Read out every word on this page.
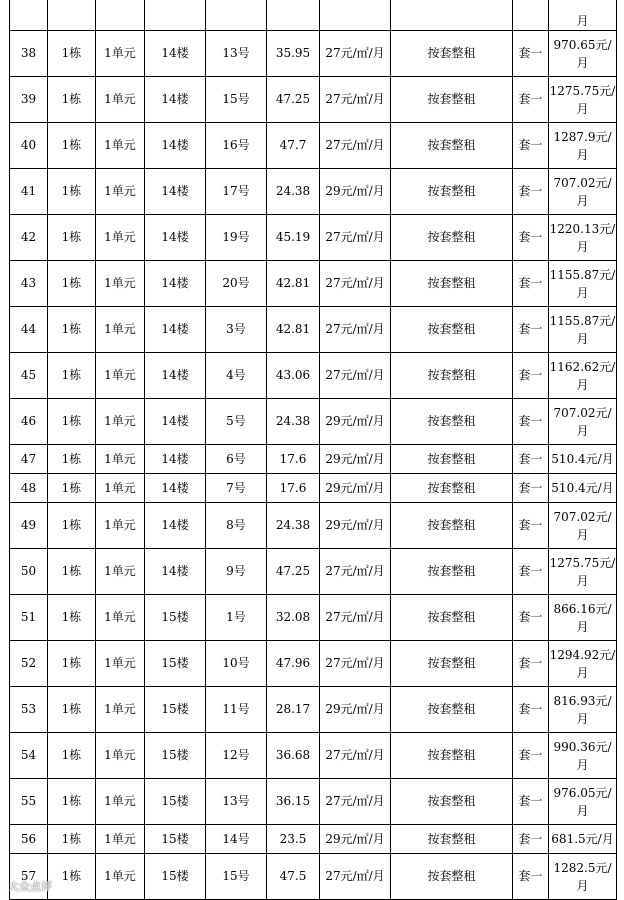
									月
38	1栋	1单元	14楼	13号	35.95	27元/㎡/月	按套整租	套一	970.65元/
月

39	1栋	1单元	14楼	15号	47.25	27元/㎡/月	按套整租	套一	1275.75元/
月

40	1栋	1单元	14楼	16号	47.7	27元/㎡/月	按套整租	套一	1287.9元/
月

41	1栋	1单元	14楼	17号	24.38	29元/㎡/月	按套整租	套一	707.02元/
月

42	1栋	1单元	14楼	19号	45.19	27元/㎡/月	按套整租	套一	1220.13元/
月

43	1栋	1单元	14楼	20号	42.81	27元/㎡/月	按套整租	套一	1155.87元/
月

44	1栋	1单元	14楼	3号	42.81	27元/㎡/月	按套整租	套一	1155.87元/
月

45	1栋	1单元	14楼	4号	43.06	27元/㎡/月	按套整租	套一	1162.62元/
月

46	1栋	1单元	14楼	5号	24.38	29元/㎡/月	按套整租	套一	707.02元/
月

47	1栋	1单元	14楼	6号	17.6	29元/㎡/月	按套整租	套一	510.4元/月

48	1栋	1单元	14楼	7号	17.6	29元/㎡/月	按套整租	套一	510.4元/月

49	1栋	1单元	14楼	8号	24.38	29元/㎡/月	按套整租	套一	707.02元/
月

50	1栋	1单元	14楼	9号	47.25	27元/㎡/月	按套整租	套一	1275.75元/
月

51	1栋	1单元	15楼	1号	32.08	27元/㎡/月	按套整租	套一	866.16元/
月

52	1栋	1单元	15楼	10号	47.96	27元/㎡/月	按套整租	套一	1294.92元/
月

53	1栋	1单元	15楼	11号	28.17	29元/㎡/月	按套整租	套一	816.93元/
月

54	1栋	1单元	15楼	12号	36.68	27元/㎡/月	按套整租	套一	990.36元/
月

55	1栋	1单元	15楼	13号	36.15	27元/㎡/月	按套整租	套一	976.05元/
月

56	1栋	1单元	15楼	14号	23.5	29元/㎡/月	按套整租	套一	681.5元/月

57	1栋	1单元	15楼	15号	47.5	27元/㎡/月	按套整租	套一	1282.5元/
月
大众点评
